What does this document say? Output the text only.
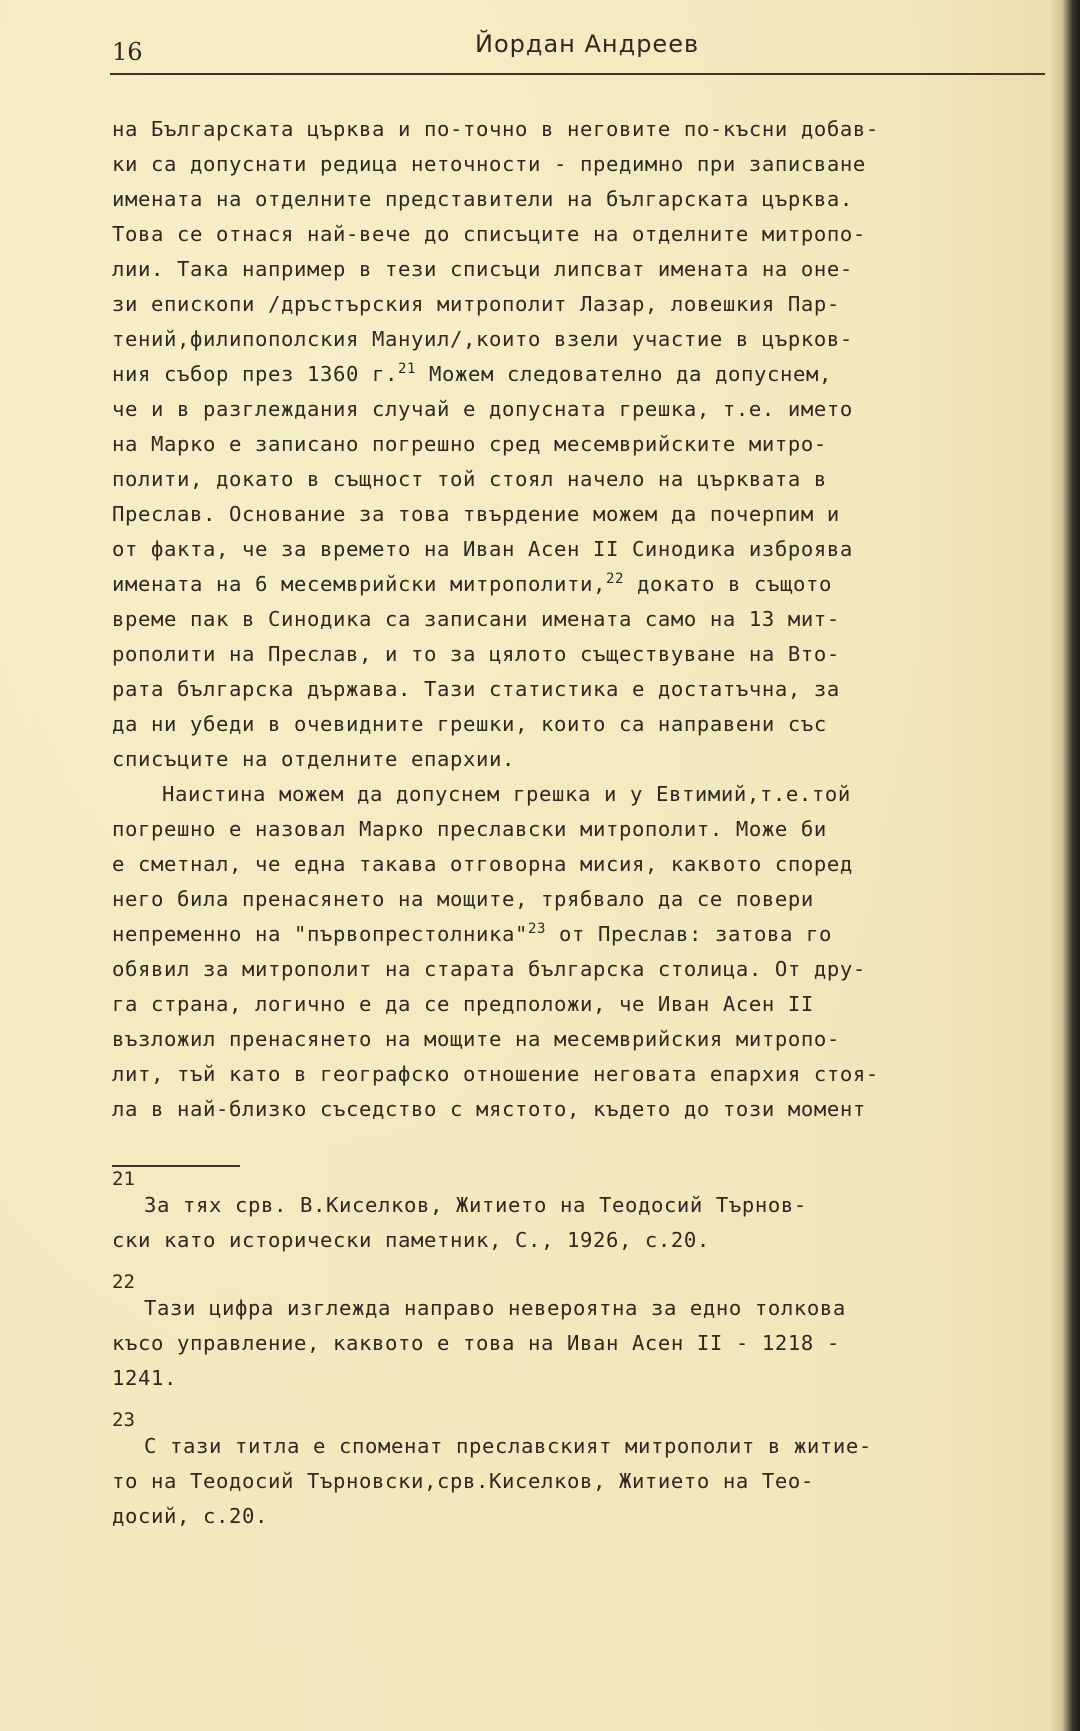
16	Йордан Андреев
на Българската църква и по-точно в неговите по-късни добав-
ки са допуснати редица неточности - предимно при записване
имената на отделните представители на българската църква.
Това се отнася най-вече до списъците на отделните митропо-
лии. Така например в тези списъци липсват имената на оне-
зи епископи /дръстърския митрополит Лазар, ловешкия Пар-
тений,филипополския Мануил/,които взели участие в църков-
ния събор през 1360 г.$^{21}$ Можем следователно да допуснем,
че и в разглеждания случай е допусната грешка, т.е. името
на Марко е записано погрешно сред месемврийските митро-
полити, докато в същност той стоял начело на църквата в
Преслав. Основание за това твърдение можем да почерпим и
от факта, че за времето на Иван Асен II Синодика изброява
имената на 6 месемврийски митрополити,$^{22}$ докато в същото
време пак в Синодика са записани имената само на 13 мит-
рополити на Преслав, и то за цялото съществуване на Вто-
рата българска държава. Тази статистика е достатъчна, за
да ни убеди в очевидните грешки, които са направени със
списъците на отделните епархии.
Наистина можем да допуснем грешка и у Евтимий,т.е.той
погрешно е назовал Марко преславски митрополит. Може би
е сметнал, че една такава отговорна мисия, каквото според
него била пренасянето на мощите, трябвало да се повери
непременно на "първопрестолника"$^{23}$ от Преслав: затова го
обявил за митрополит на старата българска столица. От дру-
га страна, логично е да се предположи, че Иван Асен II
възложил пренасянето на мощите на месемврийския митропо-
лит, тъй като в географско отношение неговата епархия стоя-
ла в най-близко съседство с мястото, където до този момент
21
За тях срв. В.Киселков, Житието на Теодосий Търнов-
ски като исторически паметник, С., 1926, с.20.
22
Тази цифра изглежда направо невероятна за едно толкова
късо управление, каквото е това на Иван Асен II - 1218 -
1241.
23
С тази титла е споменат преславският митрополит в житие-
то на Теодосий Търновски,срв.Киселков, Житието на Тео-
досий, с.20.
